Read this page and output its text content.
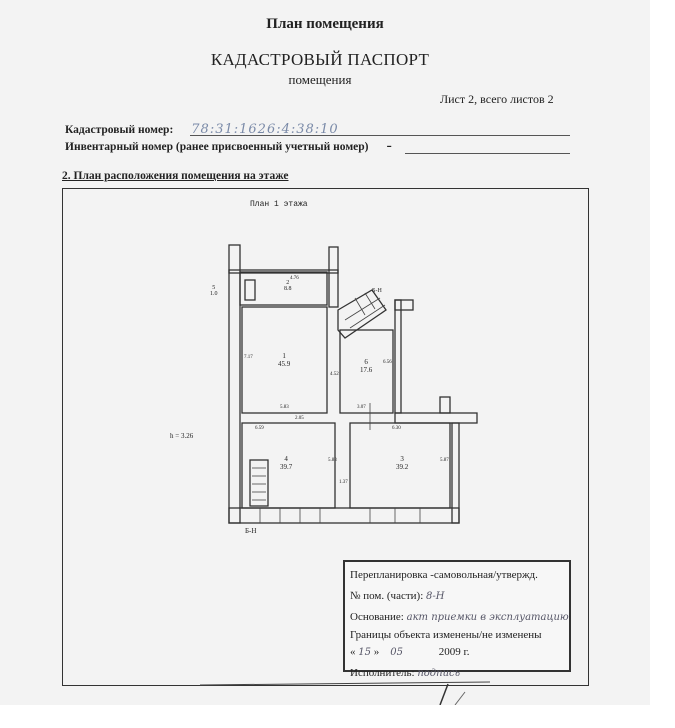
План помещения
КАДАСТРОВЫЙ ПАСПОРТ
помещения
Лист 2, всего листов 2
Кадастровый номер: 78:31:1626:4:38:10
Инвентарный номер (ранее присвоенный учетный номер) -
2. План расположения помещения на этаже
План 1 этажа
h = 3.26
Б-Н
Б-Н
1
45.9
2
8.8
3
39.2
4
39.7
6
17.6
5
1.0
4.76
7.17
5.83
2.05
6.59
5.83
3.07
6.30
5.87
4.52
6.56
1.37
Перепланировка -самовольная/утвержд.
№ пом. (части): 8-Н
Основание: акт приемки в эксплуатацию
Границы объекта изменены/не изменены
« 15 »    05	2009 г.
Исполнитель: подпись
